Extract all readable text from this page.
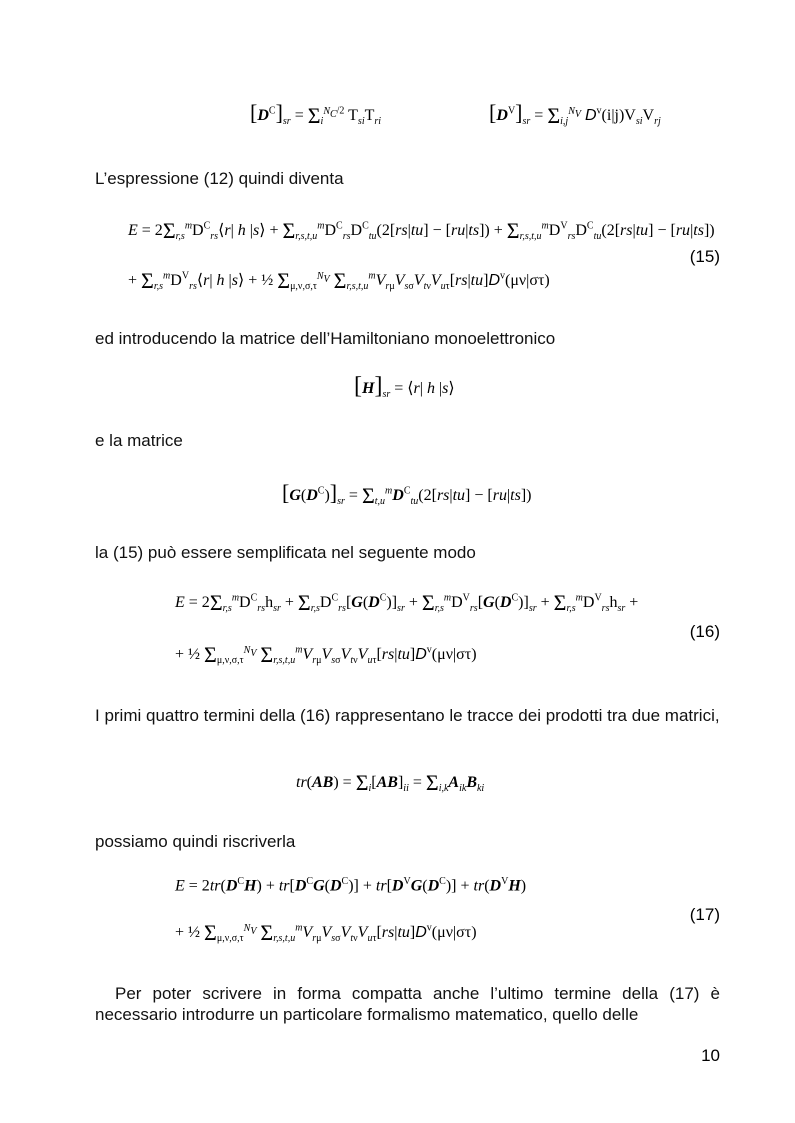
$[D^C]_{sr} = \Sigma_i^{N_C/2}$ $T_{si}T_{ri}$	$[D^V]_{sr} = \Sigma_{i,j}^{N_V}$ $D^v(i|j)V_{si}V_{rj}$
L’espressione (12) quindi diventa
$E = 2\Sigma_{r,s}^mD^C_{rs}⟨r|$ h |s⟩ + $\Sigma_{r,s,t,u}^mD^C_{rs}D^C_{tu}(2[rs|tu] - [ru|ts]) + \Sigma_{r,s,t,u}^mD^V_{rs}D^C_{tu}(2[rs|tu] - [ru|ts])$
+ $\Sigma_{r,s}^mD^V_{rs}⟨r|$ h |s⟩ + ½ $\Sigma_{\mu,\nu,\sigma,\tau}^{N_V}$ $\Sigma_{r,s,t,u}^mV_{r\mu}V_{s\sigma}V_{t\nu}V_{u\tau}[rs|tu]D^v(\mu\nu|\sigma\tau)$
(15)
ed introducendo la matrice dell’Hamiltoniano monoelettronico
$[H]_{sr}$ = ⟨r| h |s⟩
e la matrice
$[G(D^C)]_{sr} = \Sigma_{t,u}^mD^C_{tu}(2[rs|tu] - [ru|ts])$
la (15) può essere semplificata nel seguente modo
$E = 2\Sigma_{r,s}^mD^C_{rs}h_{sr} + \Sigma_{r,s}D^C_{rs}[G(D^C)]_{sr} + \Sigma_{r,s}^mD^V_{rs}[G(D^C)]_{sr} + \Sigma_{r,s}^mD^V_{rs}h_{sr}$ +
+ ½ $\Sigma_{\mu,\nu,\sigma,\tau}^{N_V}$ $\Sigma_{r,s,t,u}^mV_{r\mu}V_{s\sigma}V_{t\nu}V_{u\tau}[rs|tu]D^v(\mu\nu|\sigma\tau)$
(16)
I primi quattro termini della (16) rappresentano le tracce dei prodotti tra due matrici,
$tr(AB) = \Sigma_i[AB]_{ii} = \Sigma_{i,k}A_{ik}B_{ki}$
possiamo quindi riscriverla
$E = 2tr(D^CH) + tr[D^CG(D^C)] + tr[D^VG(D^C)] + tr(D^VH)$
+ ½ $\Sigma_{\mu,\nu,\sigma,\tau}^{N_V}$ $\Sigma_{r,s,t,u}^mV_{r\mu}V_{s\sigma}V_{t\nu}V_{u\tau}[rs|tu]D^v(\mu\nu|\sigma\tau)$
(17)
Per poter scrivere in forma compatta anche l’ultimo termine della (17) è necessario introdurre un particolare formalismo matematico, quello delle
10
